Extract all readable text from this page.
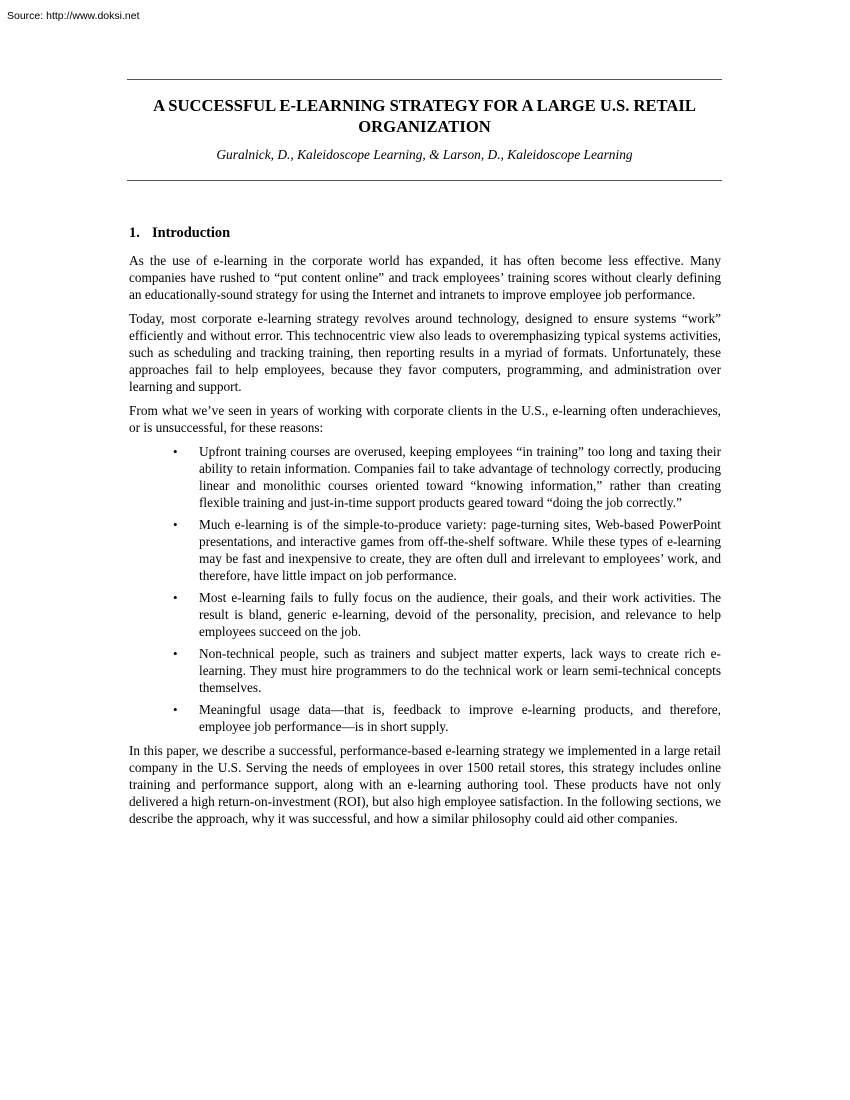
Source: http://www.doksi.net
A SUCCESSFUL E-LEARNING STRATEGY FOR A LARGE U.S. RETAIL ORGANIZATION
Guralnick, D., Kaleidoscope Learning, & Larson, D., Kaleidoscope Learning
1. Introduction

As the use of e-learning in the corporate world has expanded, it has often become less effective. Many companies have rushed to “put content online” and track employees’ training scores without clearly defining an educationally-sound strategy for using the Internet and intranets to improve employee job performance.

Today, most corporate e-learning strategy revolves around technology, designed to ensure systems “work” efficiently and without error. This technocentric view also leads to overemphasizing typical systems activities, such as scheduling and tracking training, then reporting results in a myriad of formats. Unfortunately, these approaches fail to help employees, because they favor computers, programming, and administration over learning and support.

From what we’ve seen in years of working with corporate clients in the U.S., e-learning often underachieves, or is unsuccessful, for these reasons:

• Upfront training courses are overused, keeping employees “in training” too long and taxing their ability to retain information. Companies fail to take advantage of technology correctly, producing linear and monolithic courses oriented toward “knowing information,” rather than creating flexible training and just-in-time support products geared toward “doing the job correctly.”
• Much e-learning is of the simple-to-produce variety: page-turning sites, Web-based PowerPoint presentations, and interactive games from off-the-shelf software. While these types of e-learning may be fast and inexpensive to create, they are often dull and irrelevant to employees’ work, and therefore, have little impact on job performance.
• Most e-learning fails to fully focus on the audience, their goals, and their work activities. The result is bland, generic e-learning, devoid of the personality, precision, and relevance to help employees succeed on the job.
• Non-technical people, such as trainers and subject matter experts, lack ways to create rich e-learning. They must hire programmers to do the technical work or learn semi-technical concepts themselves.
• Meaningful usage data—that is, feedback to improve e-learning products, and therefore, employee job performance—is in short supply.

In this paper, we describe a successful, performance-based e-learning strategy we implemented in a large retail company in the U.S. Serving the needs of employees in over 1500 retail stores, this strategy includes online training and performance support, along with an e-learning authoring tool. These products have not only delivered a high return-on-investment (ROI), but also high employee satisfaction. In the following sections, we describe the approach, why it was successful, and how a similar philosophy could aid other companies.
